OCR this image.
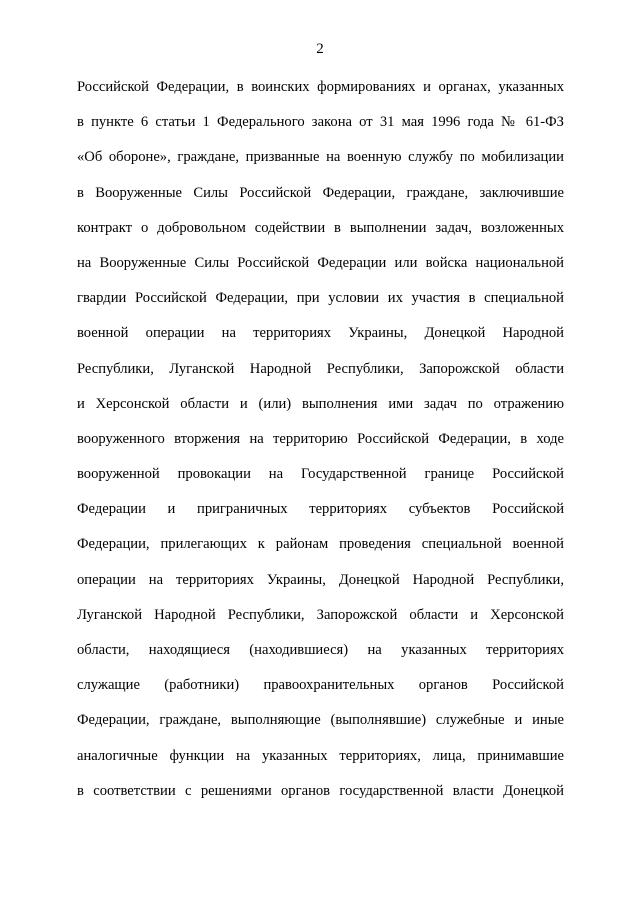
2
Российской Федерации, в воинских формированиях и органах, указанных
в пункте 6 статьи 1 Федерального закона от 31 мая 1996 года № 61-ФЗ
«Об обороне», граждане, призванные на военную службу по мобилизации
в Вооруженные Силы Российской Федерации, граждане, заключившие
контракт о добровольном содействии в выполнении задач, возложенных
на Вооруженные Силы Российской Федерации или войска национальной
гвардии Российской Федерации, при условии их участия в специальной
военной операции на территориях Украины, Донецкой Народной
Республики, Луганской Народной Республики, Запорожской области
и Херсонской области и (или) выполнения ими задач по отражению
вооруженного вторжения на территорию Российской Федерации, в ходе
вооруженной провокации на Государственной границе Российской
Федерации и приграничных территориях субъектов Российской
Федерации, прилегающих к районам проведения специальной военной
операции на территориях Украины, Донецкой Народной Республики,
Луганской Народной Республики, Запорожской области и Херсонской
области, находящиеся (находившиеся) на указанных территориях
служащие (работники) правоохранительных органов Российской
Федерации, граждане, выполняющие (выполнявшие) служебные и иные
аналогичные функции на указанных территориях, лица, принимавшие
в соответствии с решениями органов государственной власти Донецкой
